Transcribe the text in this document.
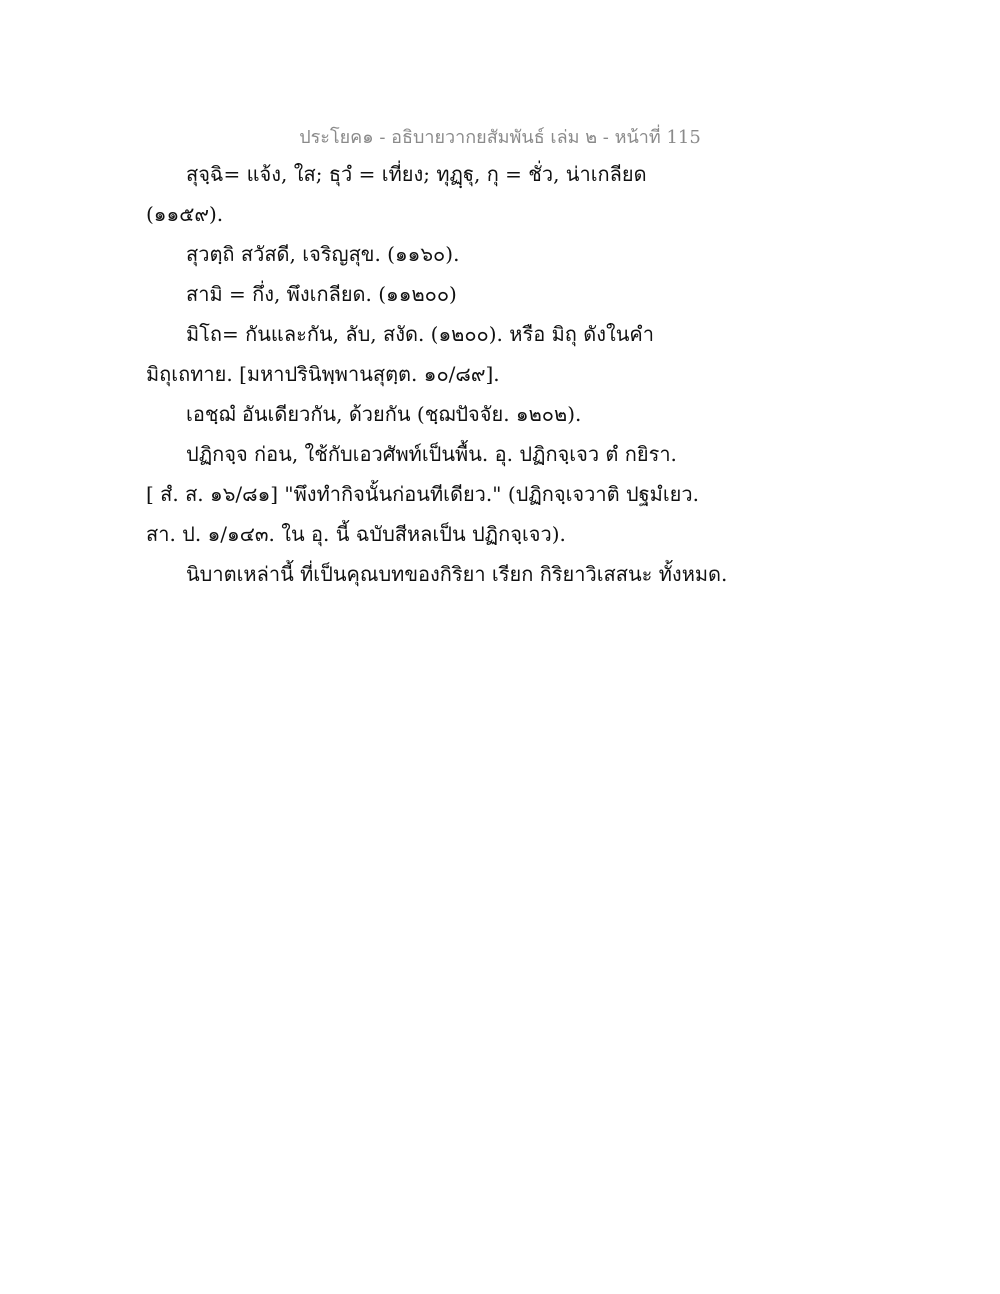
ประโยค๑ - อธิบายวากยสัมพันธ์ เล่ม ๒ - หน้าที่ 115
สุจฺฉิ= แจ้ง, ใส; ธุวํ = เที่ยง; ทุฏฺฐุ, กุ = ชั่ว, น่าเกลียด
(๑๑๕๙).
สุวตฺถิ สวัสดี, เจริญสุข. (๑๑๖๐).
สามิ = กึ่ง, พึงเกลียด. (๑๑๒๐๐)
มิโถ= กันและกัน, ลับ, สงัด. (๑๒๐๐). หรือ มิถุ ดังในคำ
มิถุเถทาย. [มหาปรินิพฺพานสุตฺต. ๑๐/๘๙].
เอชฺฌํ อันเดียวกัน, ด้วยกัน (ชฺฌปัจจัย. ๑๒๐๒).
ปฏิกจฺจ ก่อน, ใช้กับเอวศัพท์เป็นพื้น. อุ. ปฏิกจฺเจว ตํ กยิรา.
[ สํ. ส. ๑๖/๘๑] "พึงทำกิจนั้นก่อนทีเดียว." (ปฏิกจฺเจวาติ ปฐมํเยว.
สา. ป. ๑/๑๔๓. ใน อุ. นี้ ฉบับสีหลเป็น ปฏิกจฺเจว).
นิบาตเหล่านี้ ที่เป็นคุณบทของกิริยา เรียก กิริยาวิเสสนะ ทั้งหมด.
